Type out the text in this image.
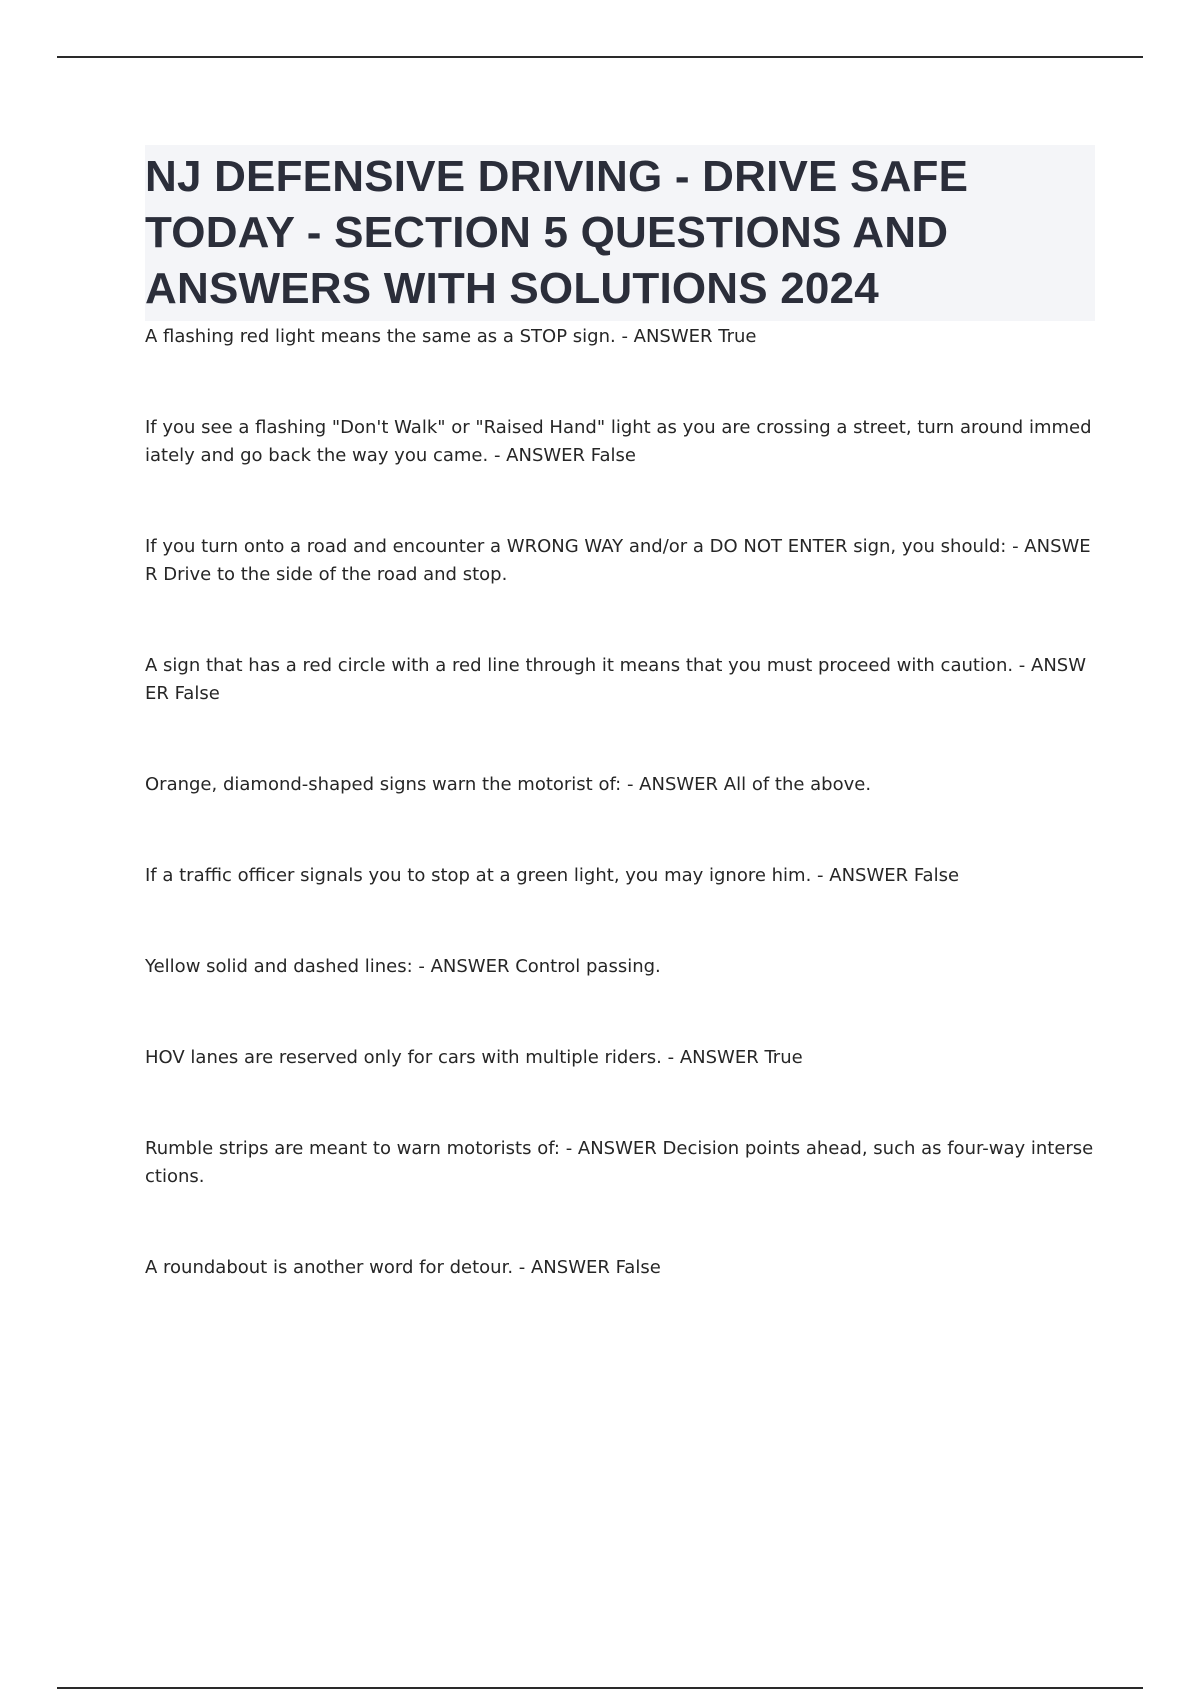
NJ DEFENSIVE DRIVING - DRIVE SAFE TODAY - SECTION 5 QUESTIONS AND ANSWERS WITH SOLUTIONS 2024
A flashing red light means the same as a STOP sign. - ANSWER True
If you see a flashing "Don't Walk" or "Raised Hand" light as you are crossing a street, turn around immediately and go back the way you came. - ANSWER False
If you turn onto a road and encounter a WRONG WAY and/or a DO NOT ENTER sign, you should: - ANSWER Drive to the side of the road and stop.
A sign that has a red circle with a red line through it means that you must proceed with caution. - ANSWER False
Orange, diamond-shaped signs warn the motorist of: - ANSWER All of the above.
If a traffic officer signals you to stop at a green light, you may ignore him. - ANSWER False
Yellow solid and dashed lines: - ANSWER Control passing.
HOV lanes are reserved only for cars with multiple riders. - ANSWER True
Rumble strips are meant to warn motorists of: - ANSWER Decision points ahead, such as four-way intersections.
A roundabout is another word for detour. - ANSWER False
